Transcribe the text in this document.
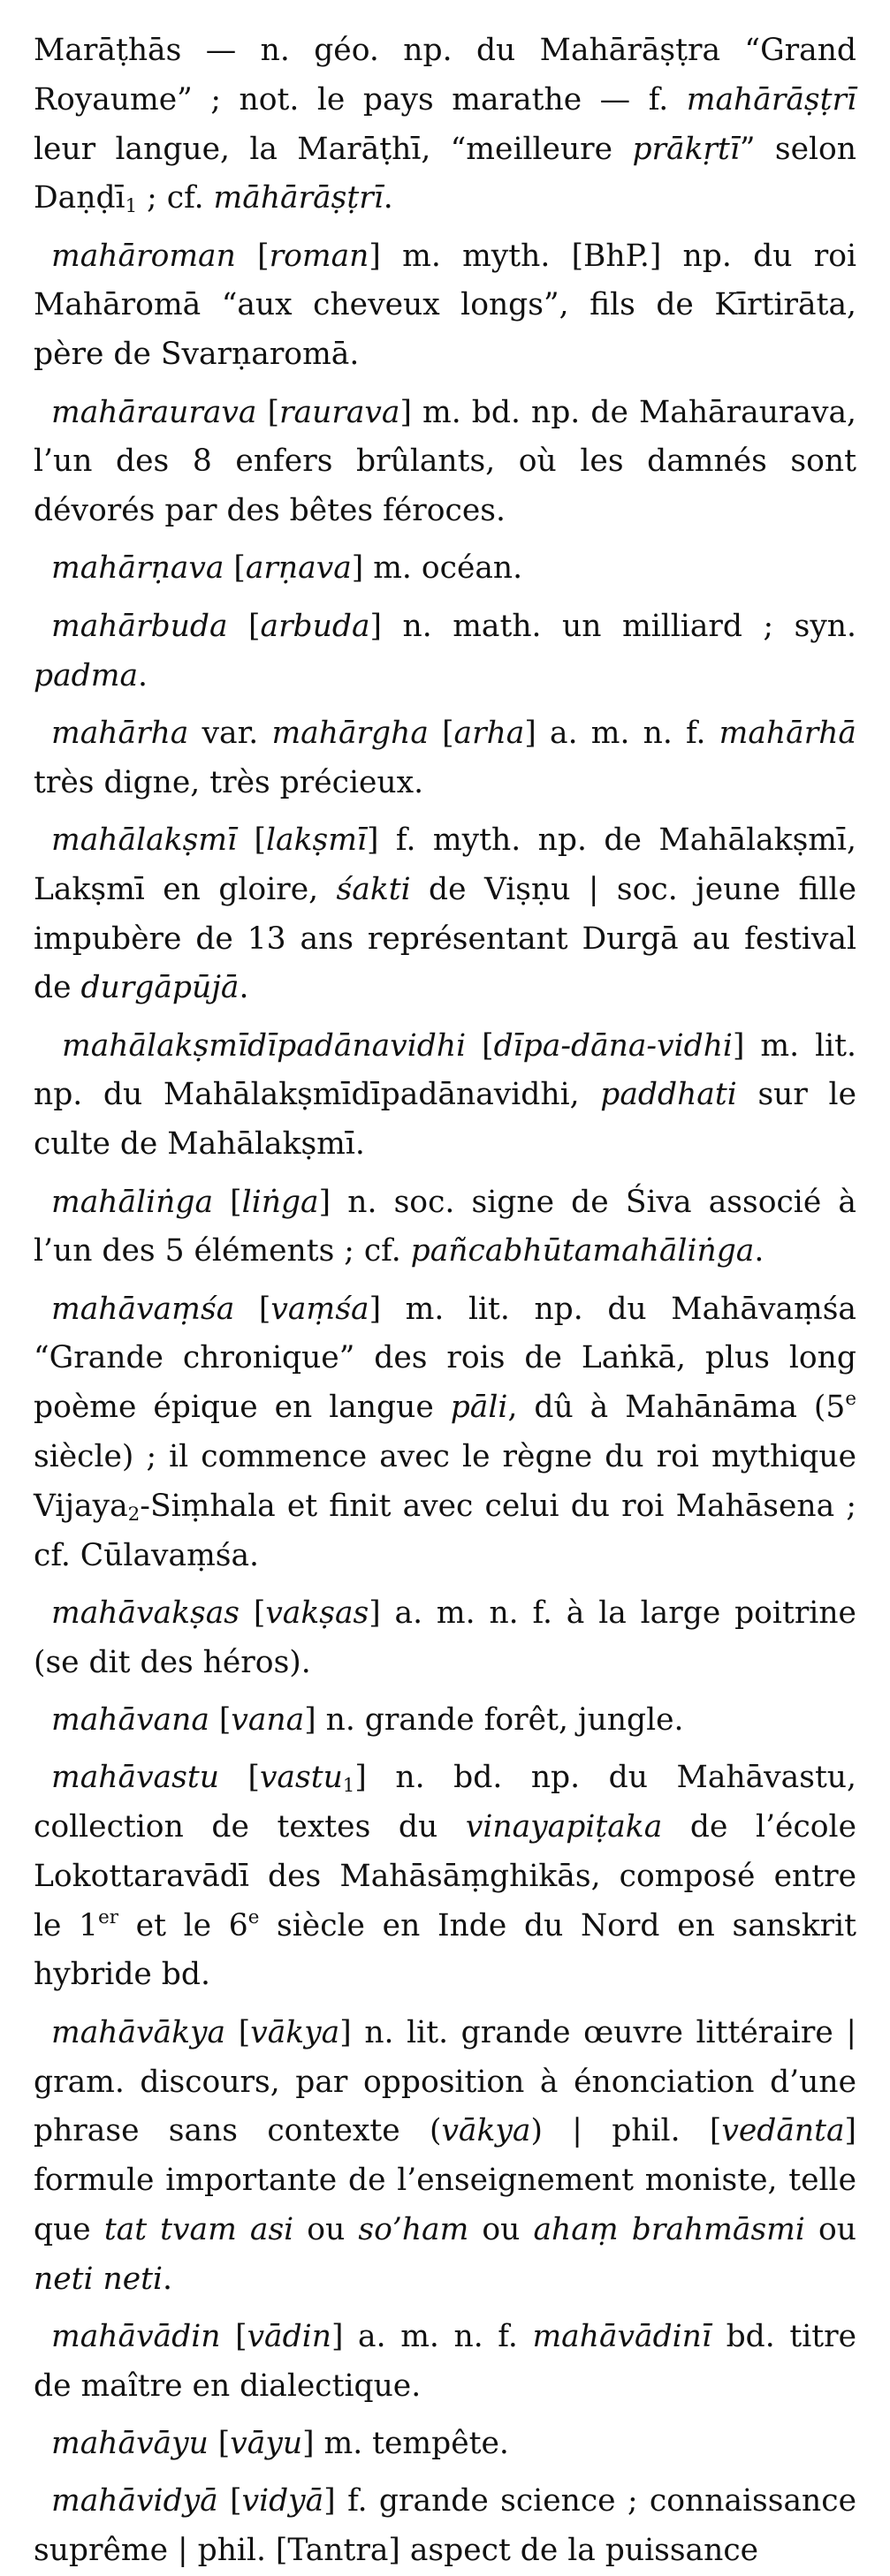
Marāṭhās — n. géo. np. du Mahārāṣṭra “Grand Royaume” ; not. le pays marathe — f. mahārāṣṭrī leur langue, la Marāṭhī, “meilleure prākṛtī” selon Daṇḍī$_1$ ; cf. māhārāṣṭrī.

mahāroman [roman] m. myth. [BhP.] np. du roi Mahāromā “aux cheveux longs”, fils de Kīrtirāta, père de Svarṇaromā.

mahāraurava [raurava] m. bd. np. de Mahāraurava, l’un des 8 enfers brûlants, où les damnés sont dévorés par des bêtes féroces.

mahārṇava [arṇava] m. océan.

mahārbuda [arbuda] n. math. un milliard ; syn. padma.

mahārha var. mahārgha [arha] a. m. n. f. mahārhā très digne, très précieux.

mahālakṣmī [lakṣmī] f. myth. np. de Mahālakṣmī, Lakṣmī en gloire, śakti de Viṣṇu | soc. jeune fille impubère de 13 ans représentant Durgā au festival de durgāpūjā.

mahālakṣmīdīpadānavidhi [dīpa-dāna-vidhi] m. lit. np. du Mahālakṣmīdīpadānavidhi, paddhati sur le culte de Mahālakṣmī.

mahāliṅga [liṅga] n. soc. signe de Śiva associé à l’un des 5 éléments ; cf. pañcabhūtamahāliṅga.

mahāvaṃśa [vaṃśa] m. lit. np. du Mahāvaṃśa “Grande chronique” des rois de Laṅkā, plus long poème épique en langue pāli, dû à Mahānāma (5e siècle) ; il commence avec le règne du roi mythique Vijaya$_2$-Siṃhala et finit avec celui du roi Mahāsena ; cf. Cūlavaṃśa.

mahāvakṣas [vakṣas] a. m. n. f. à la large poitrine (se dit des héros).

mahāvana [vana] n. grande forêt, jungle.

mahāvastu [vastu$_1$] n. bd. np. du Mahāvastu, collection de textes du vinayapiṭaka de l’école Lokottaravādī des Mahāsāṃghikās, composé entre le 1er et le 6e siècle en Inde du Nord en sanskrit hybride bd.

mahāvākya [vākya] n. lit. grande œuvre littéraire | gram. discours, par opposition à énonciation d’une phrase sans contexte (vākya) | phil. [vedānta] formule importante de l’enseignement moniste, telle que tat tvam asi ou so’ham ou ahaṃ brahmāsmi ou neti neti.

mahāvādin [vādin] a. m. n. f. mahāvādinī bd. titre de maître en dialectique.

mahāvāyu [vāyu] m. tempête.

mahāvidyā [vidyā] f. grande science ; connaissance suprême | phil. [Tantra] aspect de la puissance
